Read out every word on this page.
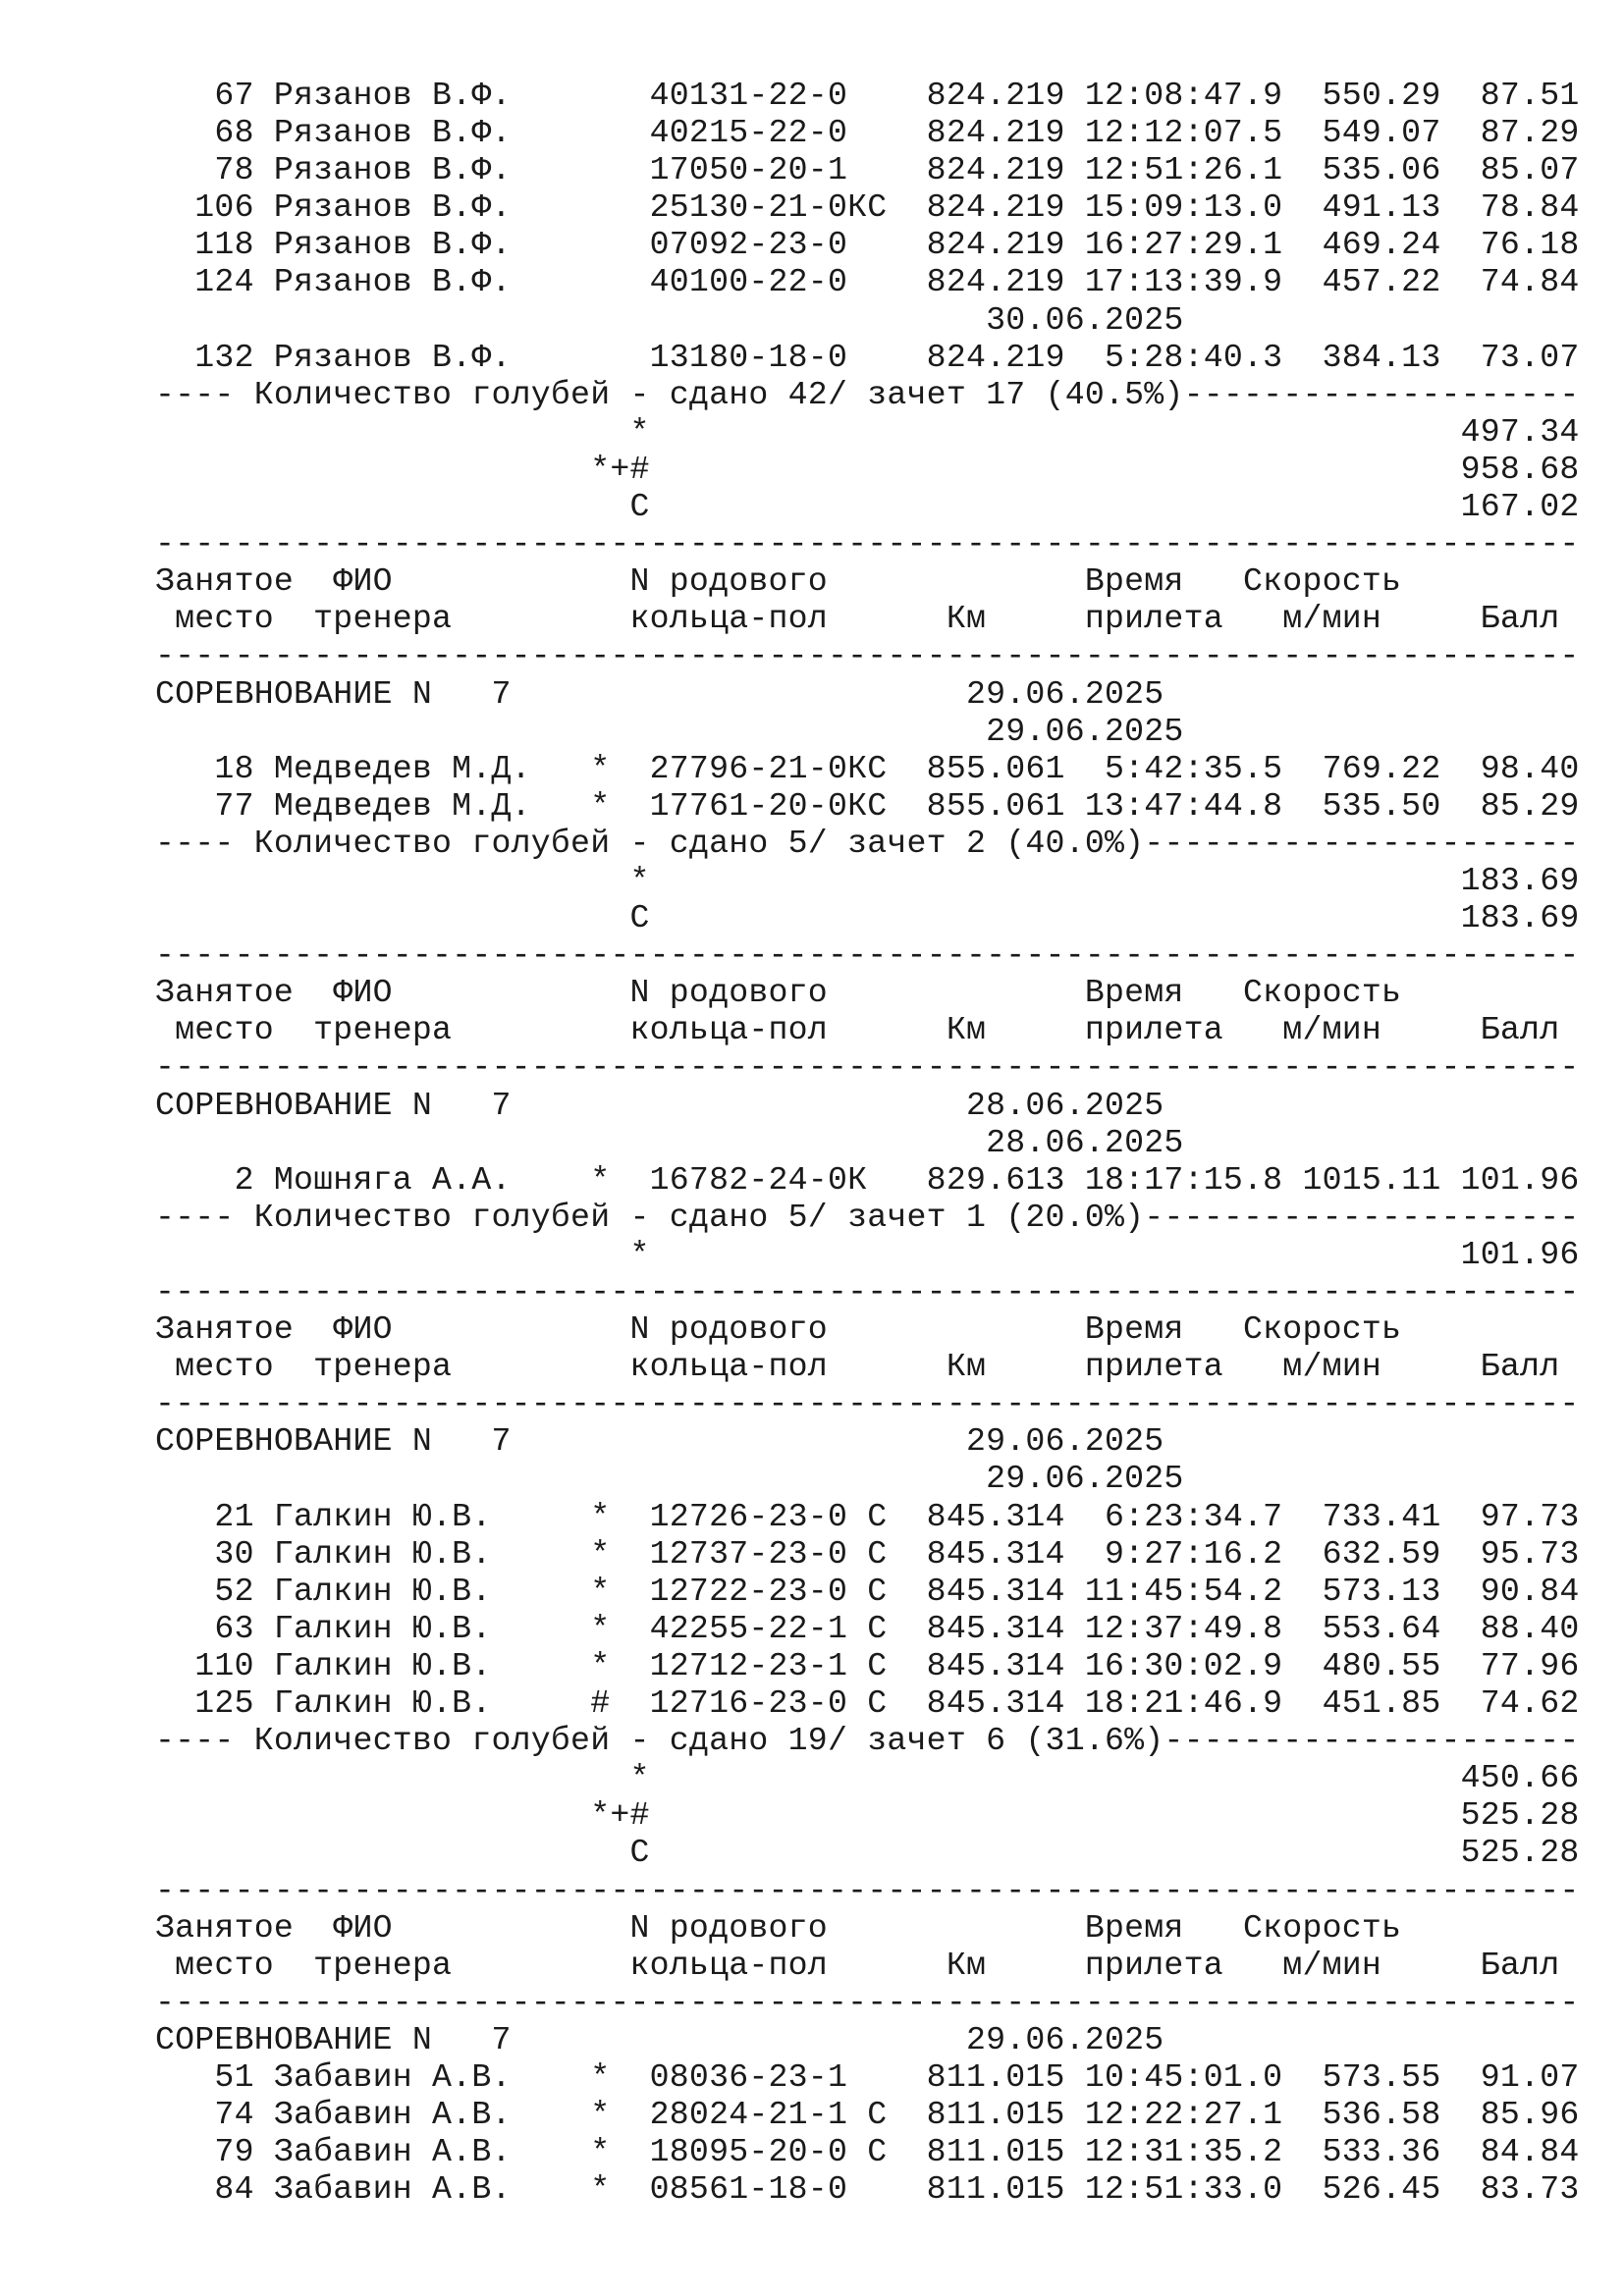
67 Рязанов В.Ф.       40131-22-0    824.219 12:08:47.9  550.29  87.51
68 Рязанов В.Ф.       40215-22-0    824.219 12:12:07.5  549.07  87.29
78 Рязанов В.Ф.       17050-20-1    824.219 12:51:26.1  535.06  85.07
106 Рязанов В.Ф.       25130-21-0КС  824.219 15:09:13.0  491.13  78.84
118 Рязанов В.Ф.       07092-23-0    824.219 16:27:29.1  469.24  76.18
124 Рязанов В.Ф.       40100-22-0    824.219 17:13:39.9  457.22  74.84
30.06.2025
132 Рязанов В.Ф.       13180-18-0    824.219  5:28:40.3  384.13  73.07
---- Количество голубей - сдано 42/ зачет 17 (40.5%)--------------------
*                                         497.34
*+#                                         958.68
C                                         167.02
------------------------------------------------------------------------
Занятое  ФИО            N родового             Время   Скорость
место  тренера         кольца-пол      Км     прилета   м/мин     Балл
------------------------------------------------------------------------
СОРЕВНОВАНИЕ N   7                       29.06.2025
29.06.2025
18 Медведев М.Д.   *  27796-21-0КС  855.061  5:42:35.5  769.22  98.40
77 Медведев М.Д.   *  17761-20-0КС  855.061 13:47:44.8  535.50  85.29
---- Количество голубей - сдано 5/ зачет 2 (40.0%)----------------------
*                                         183.69
C                                         183.69
------------------------------------------------------------------------
Занятое  ФИО            N родового             Время   Скорость
место  тренера         кольца-пол      Км     прилета   м/мин     Балл
------------------------------------------------------------------------
СОРЕВНОВАНИЕ N   7                       28.06.2025
28.06.2025
2 Мошняга А.А.    *  16782-24-0К   829.613 18:17:15.8 1015.11 101.96
---- Количество голубей - сдано 5/ зачет 1 (20.0%)----------------------
*                                         101.96
------------------------------------------------------------------------
Занятое  ФИО            N родового             Время   Скорость
место  тренера         кольца-пол      Км     прилета   м/мин     Балл
------------------------------------------------------------------------
СОРЕВНОВАНИЕ N   7                       29.06.2025
29.06.2025
21 Галкин Ю.В.     *  12726-23-0 С  845.314  6:23:34.7  733.41  97.73
30 Галкин Ю.В.     *  12737-23-0 С  845.314  9:27:16.2  632.59  95.73
52 Галкин Ю.В.     *  12722-23-0 С  845.314 11:45:54.2  573.13  90.84
63 Галкин Ю.В.     *  42255-22-1 С  845.314 12:37:49.8  553.64  88.40
110 Галкин Ю.В.     *  12712-23-1 С  845.314 16:30:02.9  480.55  77.96
125 Галкин Ю.В.     #  12716-23-0 С  845.314 18:21:46.9  451.85  74.62
---- Количество голубей - сдано 19/ зачет 6 (31.6%)---------------------
*                                         450.66
*+#                                         525.28
C                                         525.28
------------------------------------------------------------------------
Занятое  ФИО            N родового             Время   Скорость
место  тренера         кольца-пол      Км     прилета   м/мин     Балл
------------------------------------------------------------------------
СОРЕВНОВАНИЕ N   7                       29.06.2025
51 Забавин А.В.    *  08036-23-1    811.015 10:45:01.0  573.55  91.07
74 Забавин А.В.    *  28024-21-1 С  811.015 12:22:27.1  536.58  85.96
79 Забавин А.В.    *  18095-20-0 С  811.015 12:31:35.2  533.36  84.84
84 Забавин А.В.    *  08561-18-0    811.015 12:51:33.0  526.45  83.73
